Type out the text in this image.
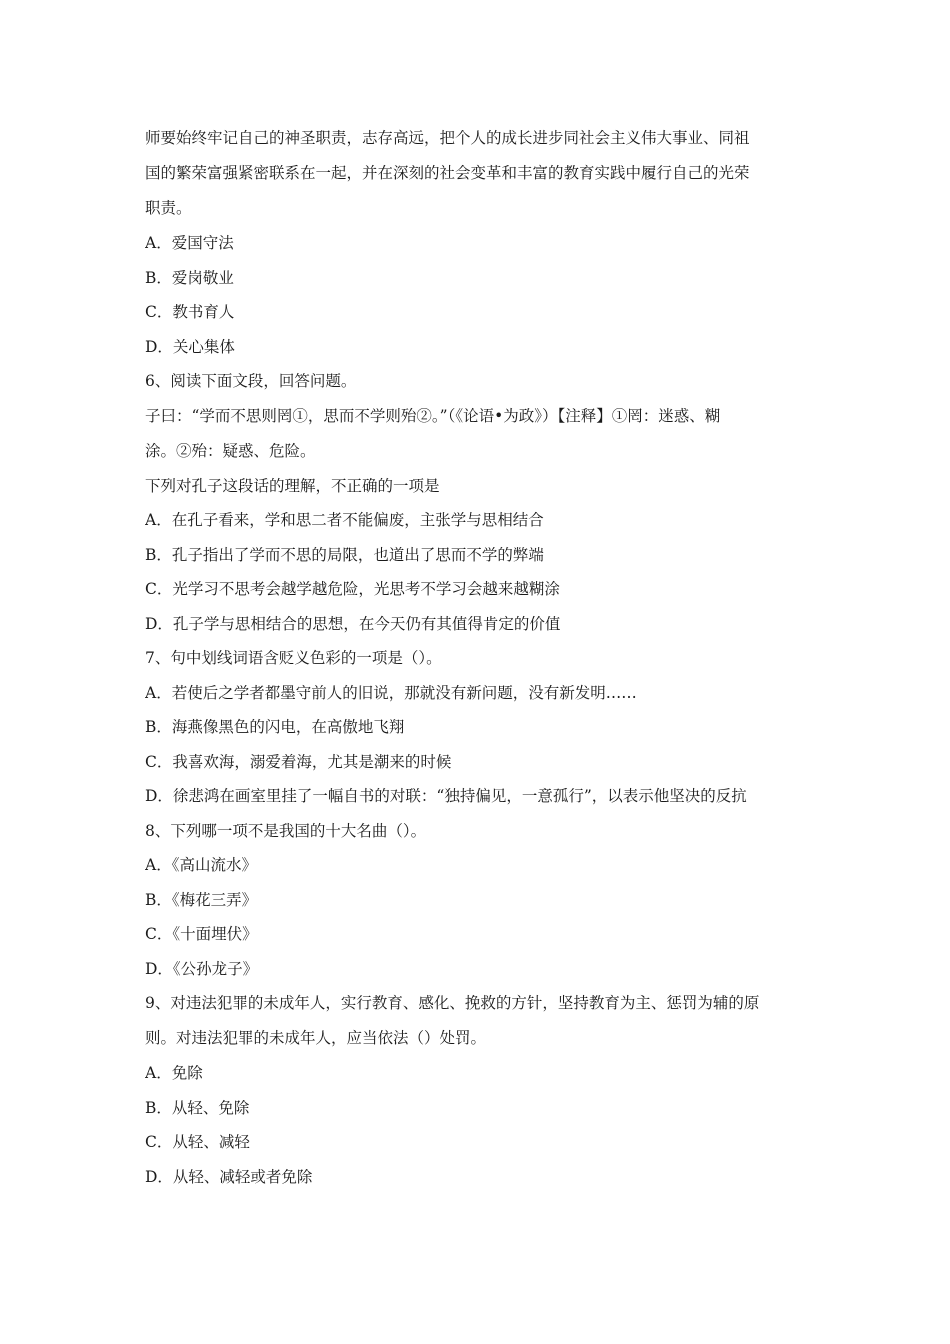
师要始终牢记自己的神圣职责，志存高远，把个人的成长进步同社会主义伟大事业、同祖
国的繁荣富强紧密联系在一起，并在深刻的社会变革和丰富的教育实践中履行自己的光荣
职责。
A．爱国守法
B．爱岗敬业
C．教书育人
D．关心集体
6、阅读下面文段，回答问题。
子曰：“学而不思则罔①，思而不学则殆②。”（《论语•为政》）【注释】①罔：迷惑、糊
涂。②殆：疑惑、危险。
下列对孔子这段话的理解，不正确的一项是
A．在孔子看来，学和思二者不能偏废，主张学与思相结合
B．孔子指出了学而不思的局限，也道出了思而不学的弊端
C．光学习不思考会越学越危险，光思考不学习会越来越糊涂
D．孔子学与思相结合的思想，在今天仍有其值得肯定的价值
7、句中划线词语含贬义色彩的一项是（）。
A．若使后之学者都墨守前人的旧说，那就没有新问题，没有新发明……
B．海燕像黑色的闪电，在高傲地飞翔
C．我喜欢海，溺爱着海，尤其是潮来的时候
D．徐悲鸿在画室里挂了一幅自书的对联：“独持偏见，一意孤行”，以表示他坚决的反抗
8、下列哪一项不是我国的十大名曲（）。
A．《高山流水》
B．《梅花三弄》
C．《十面埋伏》
D．《公孙龙子》
9、对违法犯罪的未成年人，实行教育、感化、挽救的方针，坚持教育为主、惩罚为辅的原
则。对违法犯罪的未成年人，应当依法（）处罚。
A．免除
B．从轻、免除
C．从轻、减轻
D．从轻、减轻或者免除
